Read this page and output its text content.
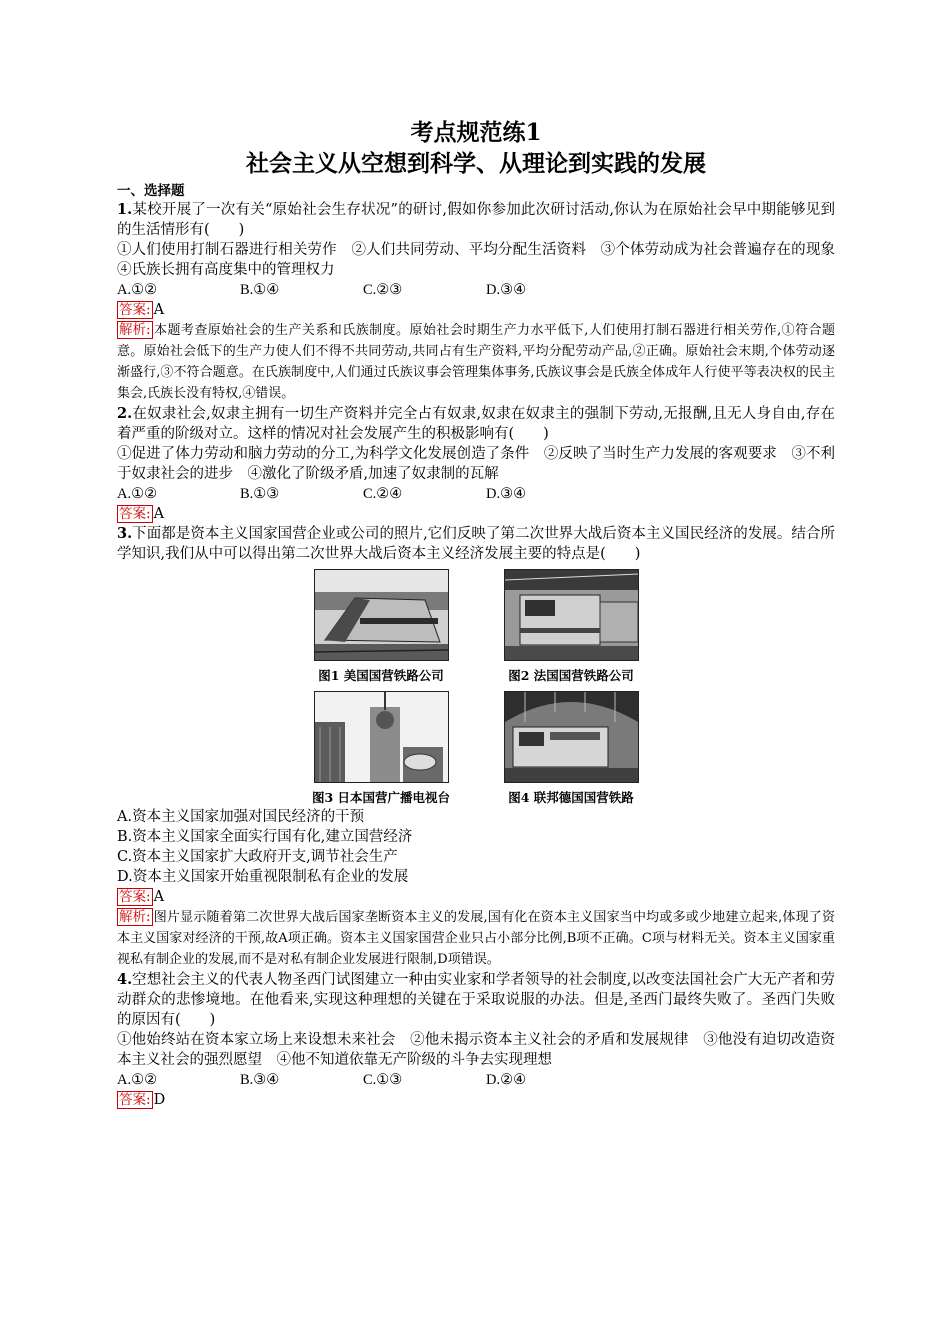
考点规范练1
社会主义从空想到科学、从理论到实践的发展
一、选择题
1.某校开展了一次有关“原始社会生存状况”的研讨,假如你参加此次研讨活动,你认为在原始社会早中期能够见到的生活情形有(　　)
①人们使用打制石器进行相关劳作　②人们共同劳动、平均分配生活资料　③个体劳动成为社会普遍存在的现象　④氏族长拥有高度集中的管理权力
A.①②	B.①④	C.②③	D.③④
答案: A
解析: 本题考查原始社会的生产关系和氏族制度。原始社会时期生产力水平低下,人们使用打制石器进行相关劳作,①符合题意。原始社会低下的生产力使人们不得不共同劳动,共同占有生产资料,平均分配劳动产品,②正确。原始社会末期,个体劳动逐渐盛行,③不符合题意。在氏族制度中,人们通过氏族议事会管理集体事务,氏族议事会是氏族全体成年人行使平等表决权的民主集会,氏族长没有特权,④错误。
2.在奴隶社会,奴隶主拥有一切生产资料并完全占有奴隶,奴隶在奴隶主的强制下劳动,无报酬,且无人身自由,存在着严重的阶级对立。这样的情况对社会发展产生的积极影响有(　　)
①促进了体力劳动和脑力劳动的分工,为科学文化发展创造了条件　②反映了当时生产力发展的客观要求　③不利于奴隶社会的进步　④激化了阶级矛盾,加速了奴隶制的瓦解
A.①②	B.①③	C.②④	D.③④
答案: A
3.下面都是资本主义国家国营企业或公司的照片,它们反映了第二次世界大战后资本主义国民经济的发展。结合所学知识,我们从中可以得出第二次世界大战后资本主义经济发展主要的特点是(　　)
图1 美国国营铁路公司	图2 法国国营铁路公司
图3 日本国营广播电视台	图4 联邦德国国营铁路
A.资本主义国家加强对国民经济的干预
B.资本主义国家全面实行国有化,建立国营经济
C.资本主义国家扩大政府开支,调节社会生产
D.资本主义国家开始重视限制私有企业的发展
答案: A
解析: 图片显示随着第二次世界大战后国家垄断资本主义的发展,国有化在资本主义国家当中均或多或少地建立起来,体现了资本主义国家对经济的干预,故A项正确。资本主义国家国营企业只占小部分比例,B项不正确。C项与材料无关。资本主义国家重视私有制企业的发展,而不是对私有制企业发展进行限制,D项错误。
4.空想社会主义的代表人物圣西门试图建立一种由实业家和学者领导的社会制度,以改变法国社会广大无产者和劳动群众的悲惨境地。在他看来,实现这种理想的关键在于采取说服的办法。但是,圣西门最终失败了。圣西门失败的原因有(　　)
①他始终站在资本家立场上来设想未来社会　②他未揭示资本主义社会的矛盾和发展规律　③他没有迫切改造资本主义社会的强烈愿望　④他不知道依靠无产阶级的斗争去实现理想
A.①②	B.③④	C.①③	D.②④
答案: D
